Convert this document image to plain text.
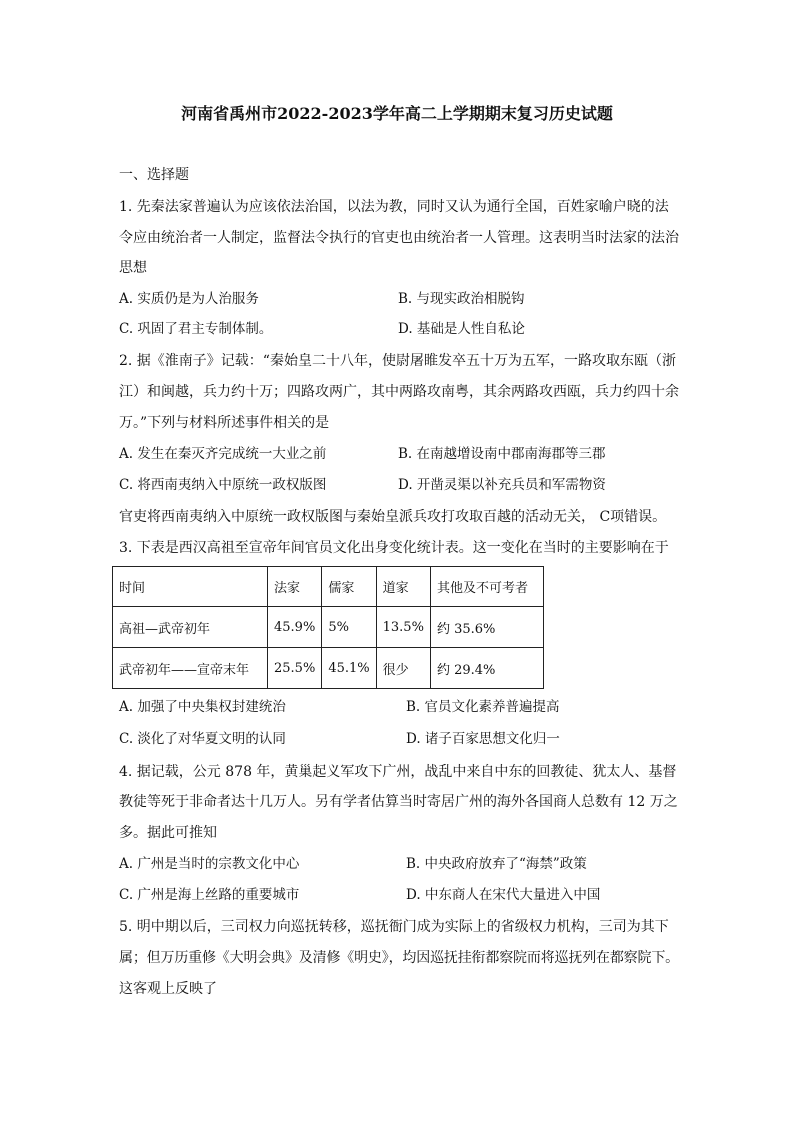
河南省禹州市2022-2023学年高二上学期期末复习历史试题
一、选择题
1. 先秦法家普遍认为应该依法治国，以法为教，同时又认为通行全国，百姓家喻户晓的法
令应由统治者一人制定，监督法令执行的官吏也由统治者一人管理。这表明当时法家的法治
思想
A. 实质仍是为人治服务	B. 与现实政治相脱钩
C. 巩固了君主专制体制。	D. 基础是人性自私论
2. 据《淮南子》记载：“秦始皇二十八年，使尉屠睢发卒五十万为五军，一路攻取东瓯（浙
江）和闽越，兵力约十万；四路攻两广，其中两路攻南粤，其余两路攻西瓯，兵力约四十余
万。”下列与材料所述事件相关的是
A. 发生在秦灭齐完成统一大业之前	B. 在南越增设南中郡南海郡等三郡
C. 将西南夷纳入中原统一政权版图	D. 开凿灵渠以补充兵员和军需物资
官吏将西南夷纳入中原统一政权版图与秦始皇派兵攻打攻取百越的活动无关， C项错误。
3. 下表是西汉高祖至宣帝年间官员文化出身变化统计表。这一变化在当时的主要影响在于
时间	法家	儒家	道家	其他及不可考者
高祖—武帝初年	45.9%	5%	13.5%	约 35.6%
武帝初年——宣帝末年	25.5%	45.1%	很少	约 29.4%
A. 加强了中央集权封建统治	B. 官员文化素养普遍提高
C. 淡化了对华夏文明的认同	D. 诸子百家思想文化归一
4. 据记载，公元 878 年，黄巢起义军攻下广州，战乱中来自中东的回教徒、犹太人、基督
教徒等死于非命者达十几万人。另有学者估算当时寄居广州的海外各国商人总数有 12 万之
多。据此可推知
A. 广州是当时的宗教文化中心	B. 中央政府放弃了“海禁”政策
C. 广州是海上丝路的重要城市	D. 中东商人在宋代大量进入中国
5. 明中期以后，三司权力向巡抚转移，巡抚衙门成为实际上的省级权力机构，三司为其下
属；但万历重修《大明会典》及清修《明史》，均因巡抚挂衔都察院而将巡抚列在都察院下。
这客观上反映了
